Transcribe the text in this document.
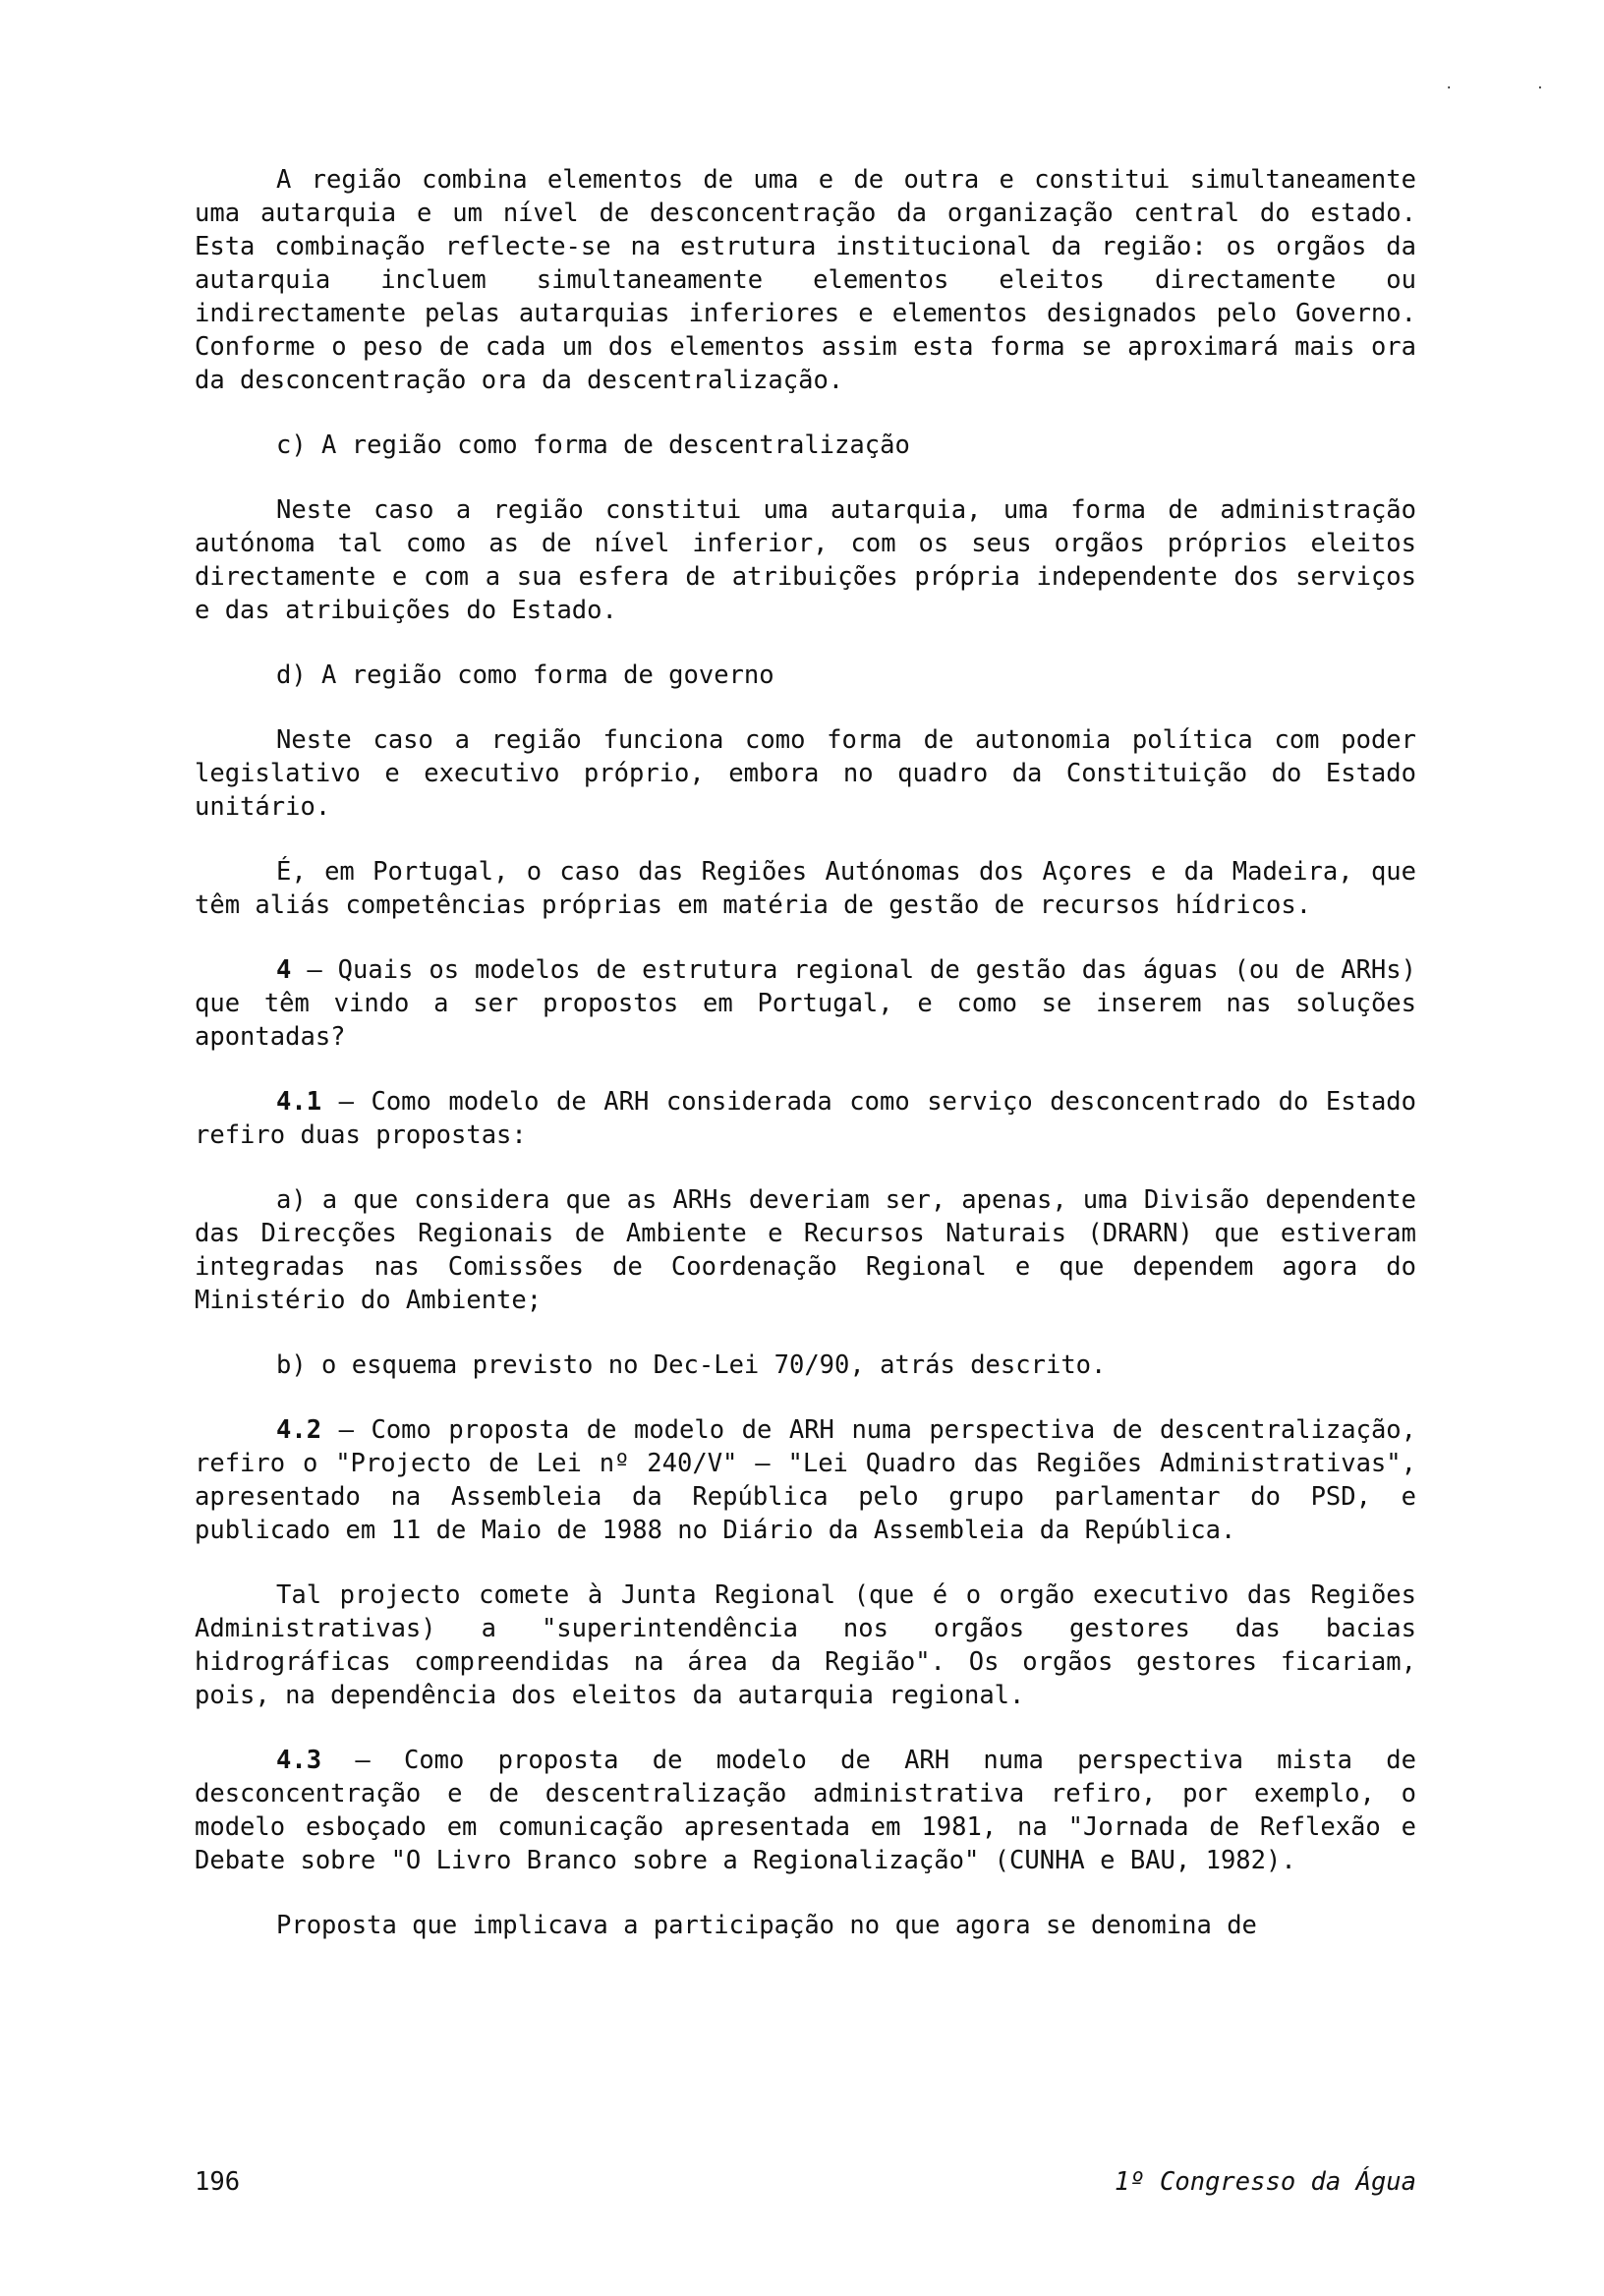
·          ·

A região combina elementos de uma e de outra e constitui simultaneamente uma autarquia e um nível de desconcentração da organização central do estado. Esta combinação reflecte-se na estrutura institucional da região: os orgãos da autarquia incluem simultaneamente elementos eleitos directamente ou indirectamente pelas autarquias inferiores e elementos designados pelo Governo. Conforme o peso de cada um dos elementos assim esta forma se aproximará mais ora da desconcentração ora da descentralização.

c) A região como forma de descentralização

Neste caso a região constitui uma autarquia, uma forma de administração autónoma tal como as de nível inferior, com os seus orgãos próprios eleitos directamente e com a sua esfera de atribuições própria independente dos serviços e das atribuições do Estado.

d) A região como forma de governo

Neste caso a região funciona como forma de autonomia política com poder legislativo e executivo próprio, embora no quadro da Constituição do Estado unitário.

É, em Portugal, o caso das Regiões Autónomas dos Açores e da Madeira, que têm aliás competências próprias em matéria de gestão de recursos hídricos.

4 – Quais os modelos de estrutura regional de gestão das águas (ou de ARHs) que têm vindo a ser propostos em Portugal, e como se inserem nas soluções apontadas?

4.1 – Como modelo de ARH considerada como serviço desconcentrado do Estado refiro duas propostas:

a) a que considera que as ARHs deveriam ser, apenas, uma Divisão dependente das Direcções Regionais de Ambiente e Recursos Naturais (DRARN) que estiveram integradas nas Comissões de Coordenação Regional e que dependem agora do Ministério do Ambiente;

b) o esquema previsto no Dec-Lei 70/90, atrás descrito.

4.2 – Como proposta de modelo de ARH numa perspectiva de descentralização, refiro o "Projecto de Lei nº 240/V" – "Lei Quadro das Regiões Administrativas", apresentado na Assembleia da República pelo grupo parlamentar do PSD, e publicado em 11 de Maio de 1988 no Diário da Assembleia da República.

Tal projecto comete à Junta Regional (que é o orgão executivo das Regiões Administrativas) a "superintendência nos orgãos gestores das bacias hidrográficas compreendidas na área da Região". Os orgãos gestores ficariam, pois, na dependência dos eleitos da autarquia regional.

4.3 – Como proposta de modelo de ARH numa perspectiva mista de desconcentração e de descentralização administrativa refiro, por exemplo, o modelo esboçado em comunicação apresentada em 1981, na "Jornada de Reflexão e Debate sobre "O Livro Branco sobre a Regionalização" (CUNHA e BAU, 1982).

Proposta que implicava a participação no que agora se denomina de

196	1º Congresso da Água
